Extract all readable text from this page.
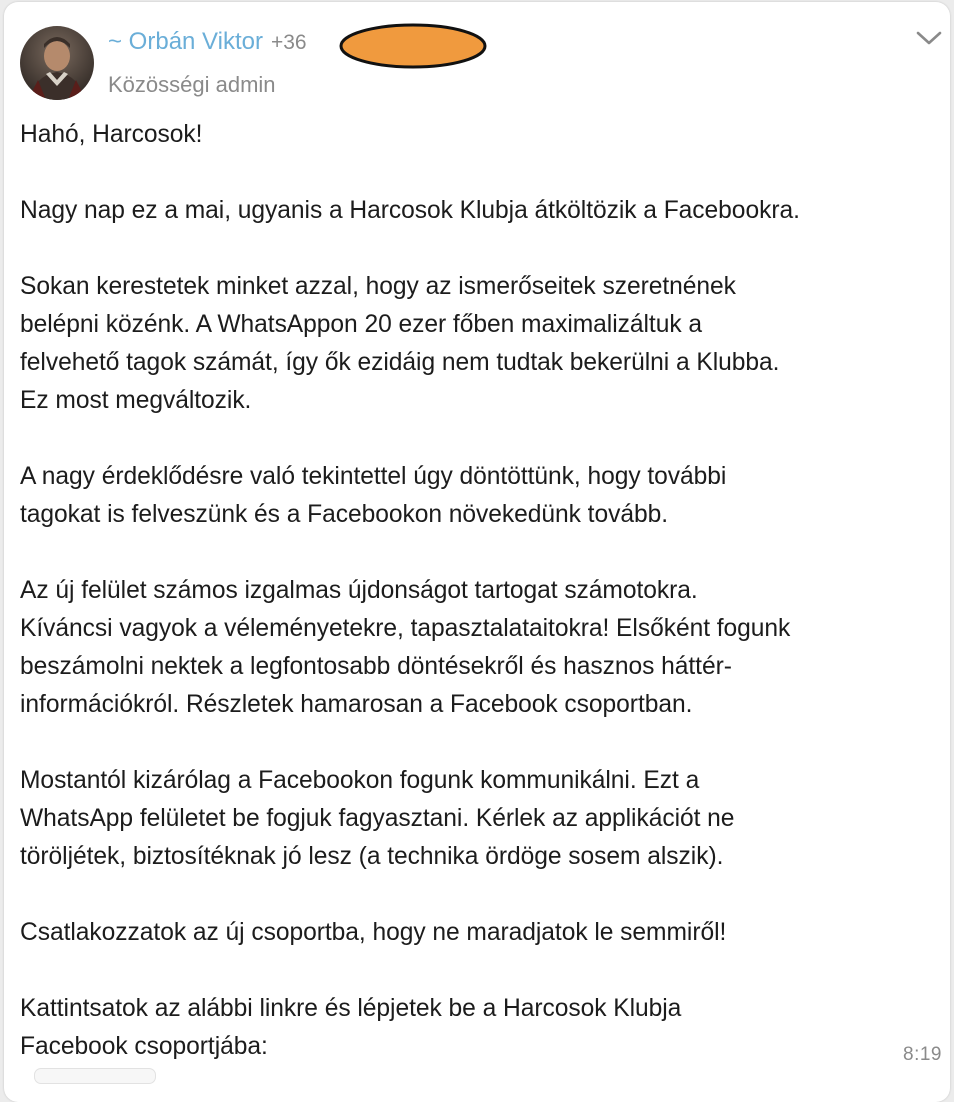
~ Orbán Viktor +36
Közösségi admin

Hahó, Harcosok!

Nagy nap ez a mai, ugyanis a Harcosok Klubja átköltözik a Facebookra.

Sokan kerestetek minket azzal, hogy az ismerőseitek szeretnének
belépni közénk. A WhatsAppon 20 ezer főben maximalizáltuk a
felvehető tagok számát, így ők ezidáig nem tudtak bekerülni a Klubba.
Ez most megváltozik.

A nagy érdeklődésre való tekintettel úgy döntöttünk, hogy további
tagokat is felveszünk és a Facebookon növekedünk tovább.

Az új felület számos izgalmas újdonságot tartogat számotokra.
Kíváncsi vagyok a véleményetekre, tapasztalataitokra! Elsőként fogunk
beszámolni nektek a legfontosabb döntésekről és hasznos háttér-
információkról. Részletek hamarosan a Facebook csoportban.

Mostantól kizárólag a Facebookon fogunk kommunikálni. Ezt a
WhatsApp felületet be fogjuk fagyasztani. Kérlek az applikációt ne
töröljétek, biztosítéknak jó lesz (a technika ördöge sosem alszik).

Csatlakozzatok az új csoportba, hogy ne maradjatok le semmiről!

Kattintsatok az alábbi linkre és lépjetek be a Harcosok Klubja
Facebook csoportjába:	8:19
